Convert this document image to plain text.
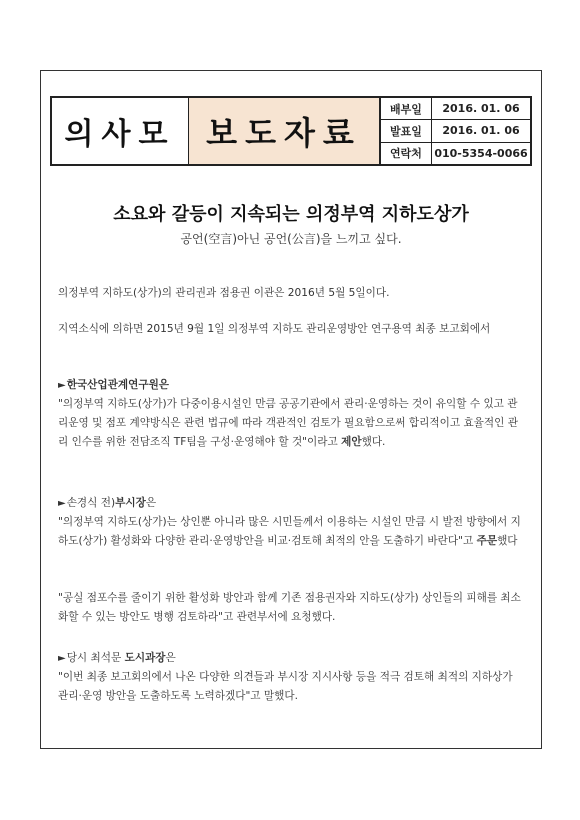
의사모 보도자료
배부일	2016. 01. 06
발표일	2016. 01. 06
연락처	010-5354-0066
소요와 갈등이 지속되는 의정부역 지하도상가
공언(空言)아닌 공언(公言)을 느끼고 싶다.
의정부역 지하도(상가)의 관리권과 점용권 이관은 2016년 5월 5일이다.
지역소식에 의하면 2015년 9월 1일 의정부역 지하도 관리운영방안 연구용역 최종 보고회에서
►한국산업관계연구원은
"의정부역 지하도(상가)가 다중이용시설인 만큼 공공기관에서 관리·운영하는 것이 유익할 수 있고 관리운영 및 점포 계약방식은 관련 법규에 따라 객관적인 검토가 필요함으로써 합리적이고 효율적인 관리 인수를 위한 전담조직 TF팀을 구성·운영해야 할 것"이라고 제안했다.
►손경식 전)부시장은
"의정부역 지하도(상가)는 상인뿐 아니라 많은 시민들께서 이용하는 시설인 만큼 시 발전 방향에서 지하도(상가) 활성화와 다양한 관리·운영방안을 비교·검토해 최적의 안을 도출하기 바란다"고 주문했다
"공실 점포수를 줄이기 위한 활성화 방안과 함께 기존 점용권자와 지하도(상가) 상인들의 피해를 최소화할 수 있는 방안도 병행 검토하라"고 관련부서에 요청했다.
►당시 최석문 도시과장은
"이번 최종 보고회의에서 나온 다양한 의견들과 부시장 지시사항 등을 적극 검토해 최적의 지하상가 관리·운영 방안을 도출하도록 노력하겠다"고 말했다.
